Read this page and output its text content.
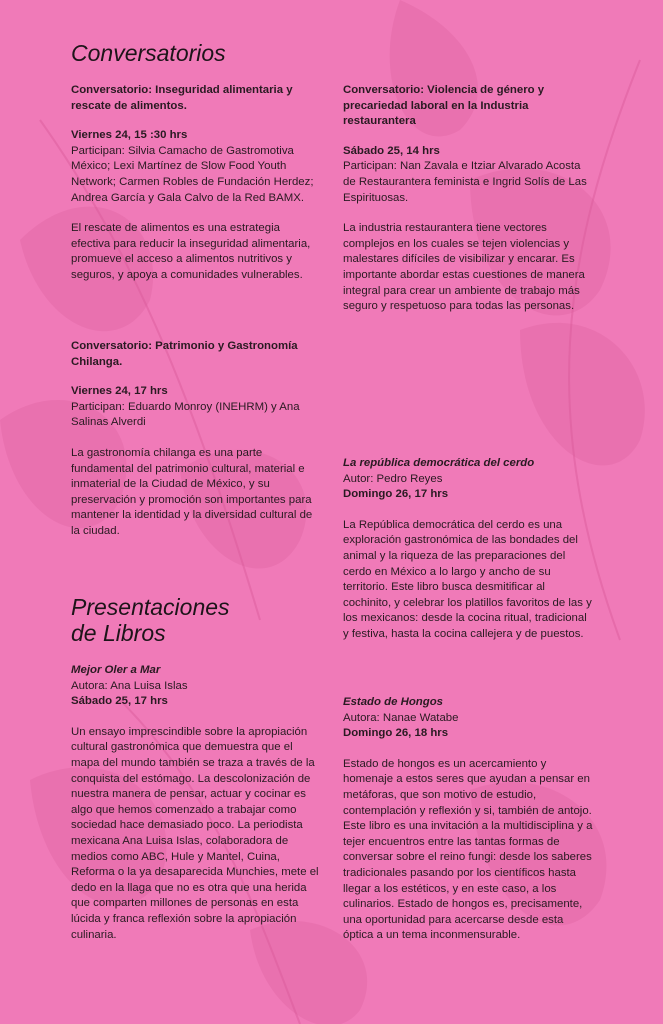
Conversatorios

Conversatorio: Inseguridad alimentaria y rescate de alimentos.

Viernes 24, 15 :30 hrs

Participan: Silvia Camacho de Gastromotiva México; Lexi Martínez de Slow Food Youth Network; Carmen Robles de Fundación Herdez; Andrea García y Gala Calvo de la Red BAMX.

El rescate de alimentos es una estrategia efectiva para reducir la inseguridad alimentaria, promueve el acceso a alimentos nutritivos y seguros, y apoya a comunidades vulnerables.

Conversatorio: Patrimonio y Gastronomía Chilanga.

Viernes 24, 17 hrs

Participan: Eduardo Monroy (INEHRM) y Ana Salinas Alverdi

La gastronomía chilanga es una parte fundamental del patrimonio cultural, material e inmaterial de la Ciudad de México, y su preservación y promoción son importantes para mantener la identidad y la diversidad cultural de la ciudad.

Conversatorio: Violencia de género y precariedad laboral en la Industria restaurantera

Sábado 25, 14 hrs

Participan: Nan Zavala e Itziar Alvarado Acosta de Restaurantera feminista e Ingrid Solís de Las Espirituosas.

La industria restaurantera tiene vectores complejos en los cuales se tejen violencias y malestares difíciles de visibilizar y encarar. Es importante abordar estas cuestiones de manera integral para crear un ambiente de trabajo más seguro y respetuoso para todas las personas.

Presentaciones
de Libros

Mejor Oler a Mar

Autora: Ana Luisa Islas

Sábado 25, 17 hrs

Un ensayo imprescindible sobre la apropiación cultural gastronómica que demuestra que el mapa del mundo también se traza a través de la conquista del estómago. La descolonización de nuestra manera de pensar, actuar y cocinar es algo que hemos comenzado a trabajar como sociedad hace demasiado poco. La periodista mexicana Ana Luisa Islas, colaboradora de medios como ABC, Hule y Mantel, Cuina, Reforma o la ya desaparecida Munchies, mete el dedo en la llaga que no es otra que una herida que comparten millones de personas en esta lúcida y franca reflexión sobre la apropiación culinaria.

La república democrática del cerdo

Autor: Pedro Reyes

Domingo 26, 17 hrs

La República democrática del cerdo es una exploración gastronómica de las bondades del animal y la riqueza de las preparaciones del cerdo en México a lo largo y ancho de su territorio. Este libro busca desmitificar al cochinito, y celebrar los platillos favoritos de las y los mexicanos: desde la cocina ritual, tradicional y festiva, hasta la cocina callejera y de puestos.

Estado de Hongos

Autora: Nanae Watabe

Domingo 26, 18 hrs

Estado de hongos es un acercamiento y homenaje a estos seres que ayudan a pensar en metáforas, que son motivo de estudio, contemplación y reflexión y si, también de antojo. Este libro es una invitación a la multidisciplina y a tejer encuentros entre las tantas formas de conversar sobre el reino fungi: desde los saberes tradicionales pasando por los científicos hasta llegar a los estéticos, y en este caso, a los culinarios. Estado de hongos es, precisamente, una oportunidad para acercarse desde esta óptica a un tema inconmensurable.
